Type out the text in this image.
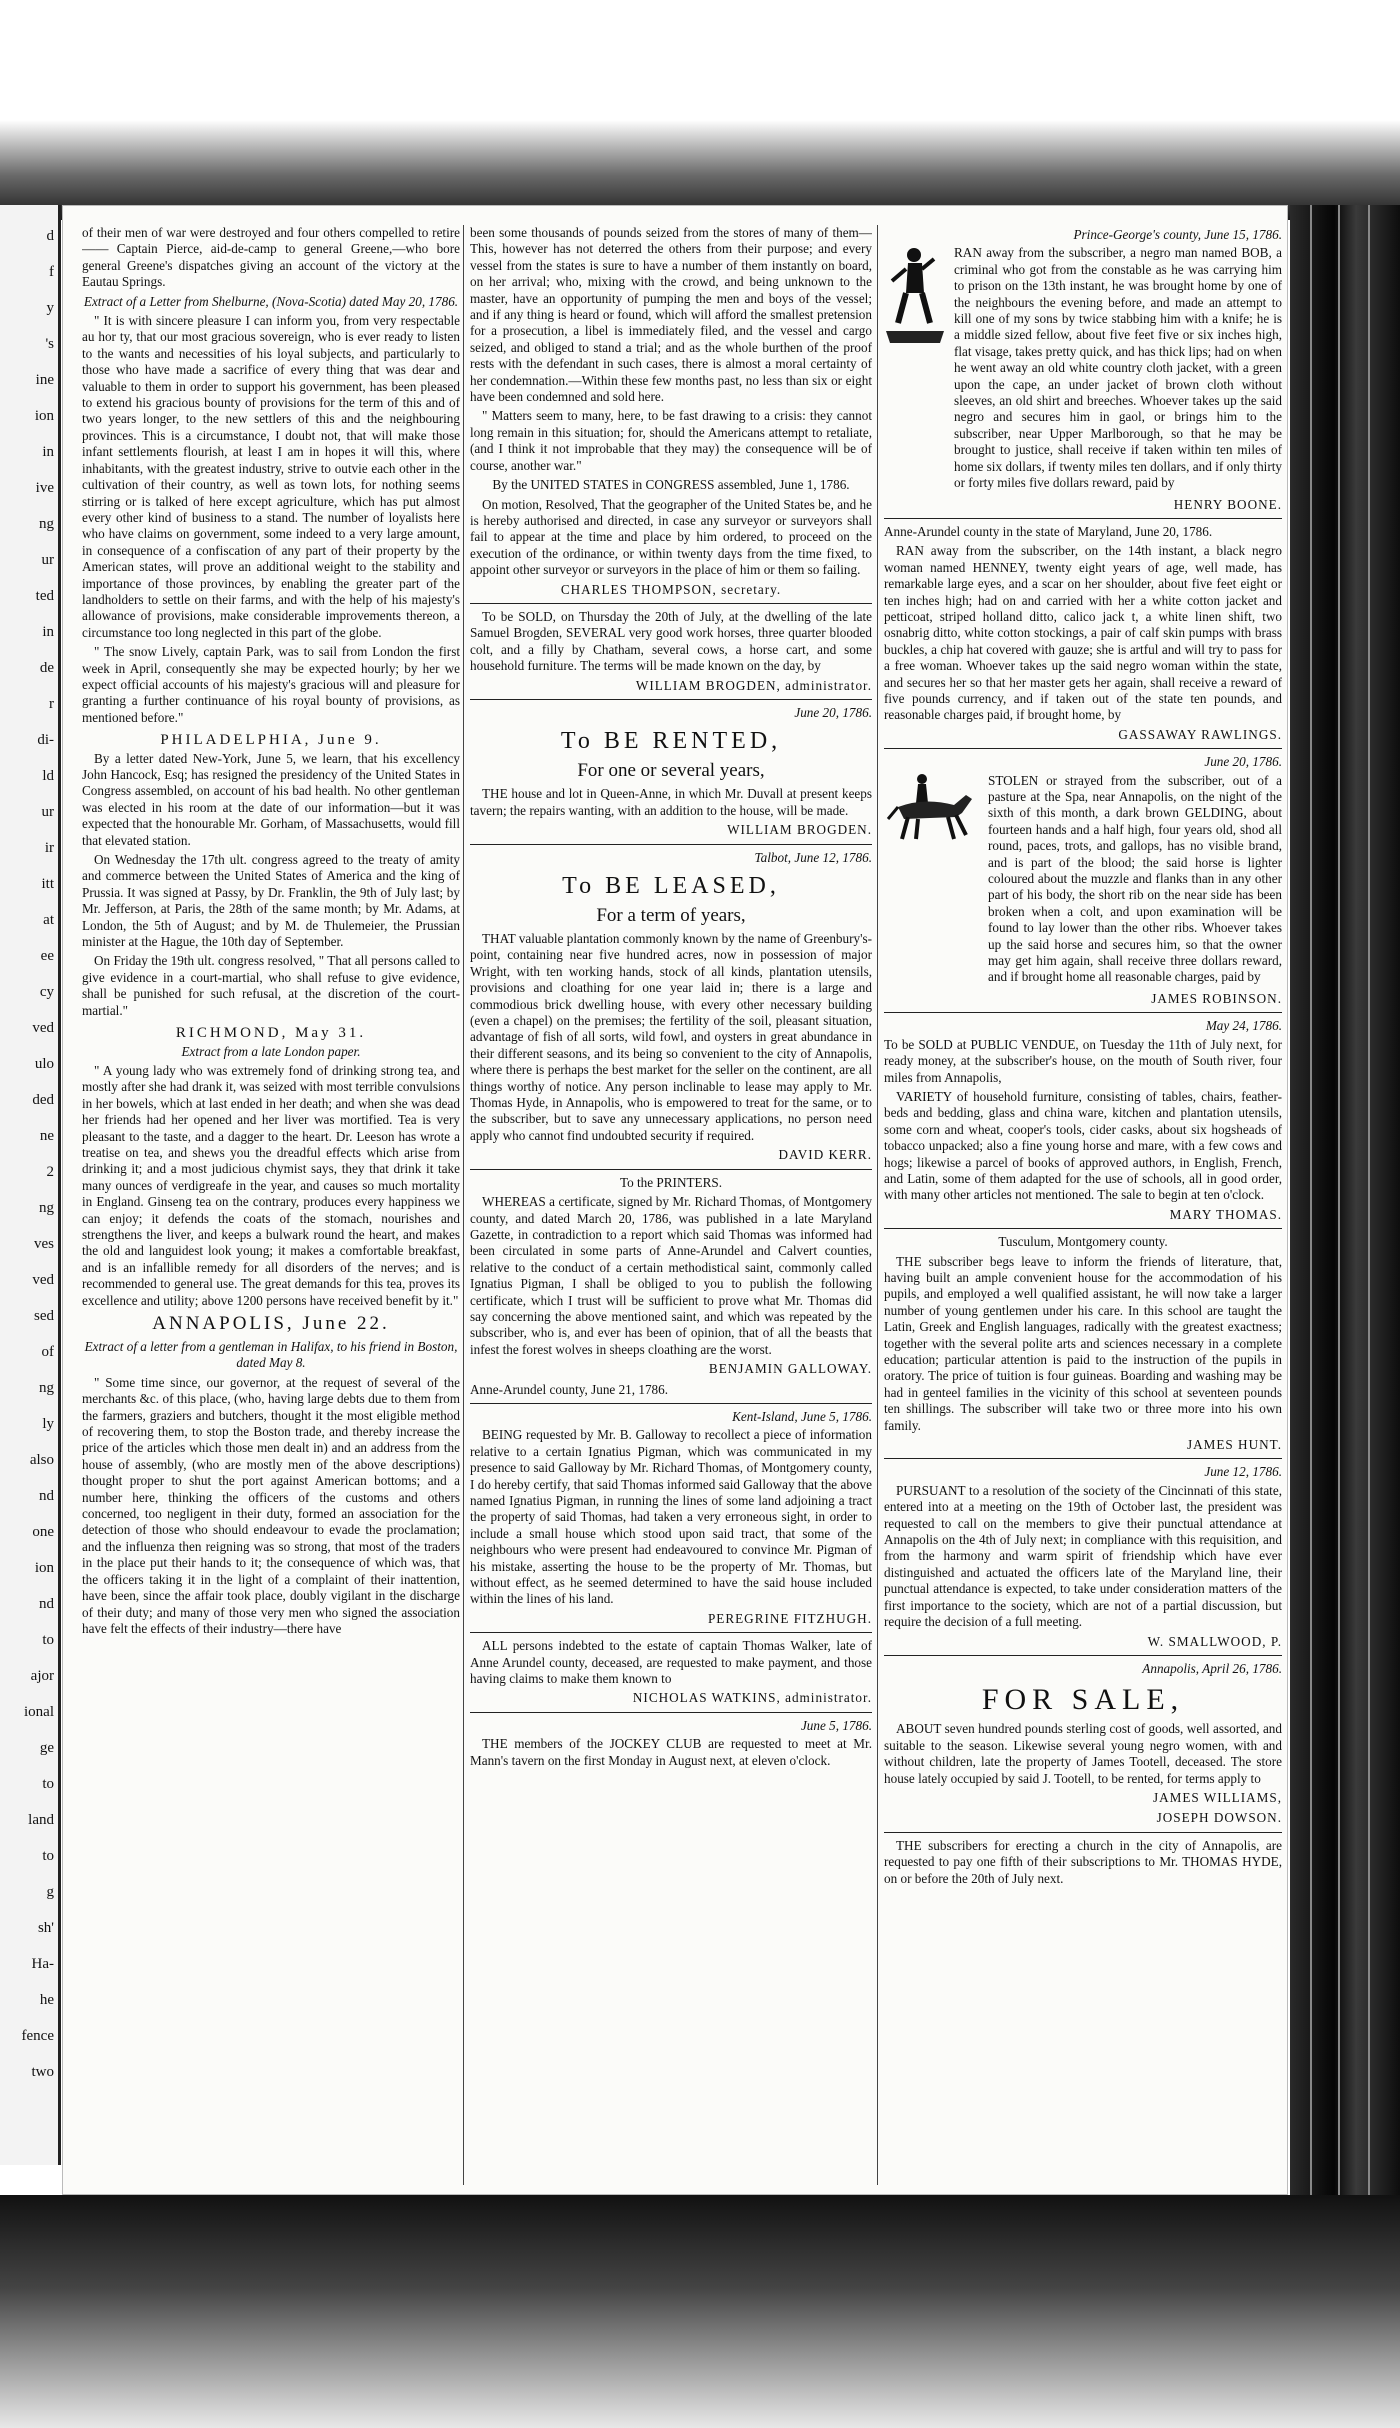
d
f
y
's
ine
ion
in
ive
ng
ur
ted
in
de
r
di-
ld
ur
ir
itt
at
ee
cy
ved
ulo
ded
ne
2
ng
ves
ved
sed
of
ng
ly
also
nd
one
ion
nd
to
ajor
ional
ge
to
land
to
g
sh'
Ha-
he
fence
two

of their men of war were destroyed and four others compelled to retire —— Captain Pierce, aid-de-camp to general Greene,—who bore general Greene's dispatches giving an account of the victory at the Eautau Springs.

Extract of a Letter from Shelburne, (Nova-Scotia) dated May 20, 1786.

" It is with sincere pleasure I can inform you, from very respectable au hor ty, that our most gracious sovereign, who is ever ready to listen to the wants and necessities of his loyal subjects, and particularly to those who have made a sacrifice of every thing that was dear and valuable to them in order to support his government, has been pleased to extend his gracious bounty of provisions for the term of this and of two years longer, to the new settlers of this and the neighbouring provinces. This is a circumstance, I doubt not, that will make those infant settlements flourish, at least I am in hopes it will this, where inhabitants, with the greatest industry, strive to outvie each other in the cultivation of their country, as well as town lots, for nothing seems stirring or is talked of here except agriculture, which has put almost every other kind of business to a stand. The number of loyalists here who have claims on government, some indeed to a very large amount, in consequence of a confiscation of any part of their property by the American states, will prove an additional weight to the stability and importance of those provinces, by enabling the greater part of the landholders to settle on their farms, and with the help of his majesty's allowance of provisions, make considerable improvements thereon, a circumstance too long neglected in this part of the globe.

" The snow Lively, captain Park, was to sail from London the first week in April, consequently she may be expected hourly; by her we expect official accounts of his majesty's gracious will and pleasure for granting a further continuance of his royal bounty of provisions, as mentioned before."

PHILADELPHIA, June 9.

By a letter dated New-York, June 5, we learn, that his excellency John Hancock, Esq; has resigned the presidency of the United States in Congress assembled, on account of his bad health. No other gentleman was elected in his room at the date of our information—but it was expected that the honourable Mr. Gorham, of Massachusetts, would fill that elevated station.

On Wednesday the 17th ult. congress agreed to the treaty of amity and commerce between the United States of America and the king of Prussia. It was signed at Passy, by Dr. Franklin, the 9th of July last; by Mr. Jefferson, at Paris, the 28th of the same month; by Mr. Adams, at London, the 5th of August; and by M. de Thulemeier, the Prussian minister at the Hague, the 10th day of September.

On Friday the 19th ult. congress resolved, " That all persons called to give evidence in a court-martial, who shall refuse to give evidence, shall be punished for such refusal, at the discretion of the court-martial."

RICHMOND, May 31.

Extract from a late London paper.

" A young lady who was extremely fond of drinking strong tea, and mostly after she had drank it, was seized with most terrible convulsions in her bowels, which at last ended in her death; and when she was dead her friends had her opened and her liver was mortified. Tea is very pleasant to the taste, and a dagger to the heart. Dr. Leeson has wrote a treatise on tea, and shews you the dreadful effects which arise from drinking it; and a most judicious chymist says, they that drink it take many ounces of verdigreafe in the year, and causes so much mortality in England. Ginseng tea on the contrary, produces every happiness we can enjoy; it defends the coats of the stomach, nourishes and strengthens the liver, and keeps a bulwark round the heart, and makes the old and languidest look young; it makes a comfortable breakfast, and is an infallible remedy for all disorders of the nerves; and is recommended to general use. The great demands for this tea, proves its excellence and utility; above 1200 persons have received benefit by it."

ANNAPOLIS, June 22.

Extract of a letter from a gentleman in Halifax, to his friend in Boston, dated May 8.

" Some time since, our governor, at the request of several of the merchants &c. of this place, (who, having large debts due to them from the farmers, graziers and butchers, thought it the most eligible method of recovering them, to stop the Boston trade, and thereby increase the price of the articles which those men dealt in) and an address from the house of assembly, (who are mostly men of the above descriptions) thought proper to shut the port against American bottoms; and a number here, thinking the officers of the customs and others concerned, too negligent in their duty, formed an association for the detection of those who should endeavour to evade the proclamation; and the influenza then reigning was so strong, that most of the traders in the place put their hands to it; the consequence of which was, that the officers taking it in the light of a complaint of their inattention, have been, since the affair took place, doubly vigilant in the discharge of their duty; and many of those very men who signed the association have felt the effects of their industry—there have

been some thousands of pounds seized from the stores of many of them—This, however has not deterred the others from their purpose; and every vessel from the states is sure to have a number of them instantly on board, on her arrival; who, mixing with the crowd, and being unknown to the master, have an opportunity of pumping the men and boys of the vessel; and if any thing is heard or found, which will afford the smallest pretension for a prosecution, a libel is immediately filed, and the vessel and cargo seized, and obliged to stand a trial; and as the whole burthen of the proof rests with the defendant in such cases, there is almost a moral certainty of her condemnation.—Within these few months past, no less than six or eight have been condemned and sold here.

" Matters seem to many, here, to be fast drawing to a crisis: they cannot long remain in this situation; for, should the Americans attempt to retaliate, (and I think it not improbable that they may) the consequence will be of course, another war."

By the UNITED STATES in CONGRESS assembled, June 1, 1786.

On motion, Resolved, That the geographer of the United States be, and he is hereby authorised and directed, in case any surveyor or surveyors shall fail to appear at the time and place by him ordered, to proceed on the execution of the ordinance, or within twenty days from the time fixed, to appoint other surveyor or surveyors in the place of him or them so failing.

CHARLES THOMPSON, secretary.

To be SOLD, on Thursday the 20th of July, at the dwelling of the late Samuel Brogden, SEVERAL very good work horses, three quarter blooded colt, and a filly by Chatham, several cows, a horse cart, and some household furniture. The terms will be made known on the day, by

WILLIAM BROGDEN, administrator.

June 20, 1786.

To BE RENTED,

For one or several years,

THE house and lot in Queen-Anne, in which Mr. Duvall at present keeps tavern; the repairs wanting, with an addition to the house, will be made.

WILLIAM BROGDEN.

Talbot, June 12, 1786.

To BE LEASED,

For a term of years,

THAT valuable plantation commonly known by the name of Greenbury's-point, containing near five hundred acres, now in possession of major Wright, with ten working hands, stock of all kinds, plantation utensils, provisions and cloathing for one year laid in; there is a large and commodious brick dwelling house, with every other necessary building (even a chapel) on the premises; the fertility of the soil, pleasant situation, advantage of fish of all sorts, wild fowl, and oysters in great abundance in their different seasons, and its being so convenient to the city of Annapolis, where there is perhaps the best market for the seller on the continent, are all things worthy of notice. Any person inclinable to lease may apply to Mr. Thomas Hyde, in Annapolis, who is empowered to treat for the same, or to the subscriber, but to save any unnecessary applications, no person need apply who cannot find undoubted security if required.

DAVID KERR.

To the PRINTERS.

WHEREAS a certificate, signed by Mr. Richard Thomas, of Montgomery county, and dated March 20, 1786, was published in a late Maryland Gazette, in contradiction to a report which said Thomas was informed had been circulated in some parts of Anne-Arundel and Calvert counties, relative to the conduct of a certain methodistical saint, commonly called Ignatius Pigman, I shall be obliged to you to publish the following certificate, which I trust will be sufficient to prove what Mr. Thomas did say concerning the above mentioned saint, and which was repeated by the subscriber, who is, and ever has been of opinion, that of all the beasts that infest the forest wolves in sheeps cloathing are the worst.

BENJAMIN GALLOWAY.

Anne-Arundel county, June 21, 1786.

Kent-Island, June 5, 1786.

BEING requested by Mr. B. Galloway to recollect a piece of information relative to a certain Ignatius Pigman, which was communicated in my presence to said Galloway by Mr. Richard Thomas, of Montgomery county, I do hereby certify, that said Thomas informed said Galloway that the above named Ignatius Pigman, in running the lines of some land adjoining a tract the property of said Thomas, had taken a very erroneous sight, in order to include a small house which stood upon said tract, that some of the neighbours who were present had endeavoured to convince Mr. Pigman of his mistake, asserting the house to be the property of Mr. Thomas, but without effect, as he seemed determined to have the said house included within the lines of his land.

PEREGRINE FITZHUGH.

ALL persons indebted to the estate of captain Thomas Walker, late of Anne Arundel county, deceased, are requested to make payment, and those having claims to make them known to

NICHOLAS WATKINS, administrator.

June 5, 1786.

THE members of the JOCKEY CLUB are requested to meet at Mr. Mann's tavern on the first Monday in August next, at eleven o'clock.

Prince-George's county, June 15, 1786.

RAN away from the subscriber, a negro man named BOB, a criminal who got from the constable as he was carrying him to prison on the 13th instant, he was brought home by one of the neighbours the evening before, and made an attempt to kill one of my sons by twice stabbing him with a knife; he is a middle sized fellow, about five feet five or six inches high, flat visage, takes pretty quick, and has thick lips; had on when he went away an old white country cloth jacket, with a green upon the cape, an under jacket of brown cloth without sleeves, an old shirt and breeches. Whoever takes up the said negro and secures him in gaol, or brings him to the subscriber, near Upper Marlborough, so that he may be brought to justice, shall receive if taken within ten miles of home six dollars, if twenty miles ten dollars, and if only thirty or forty miles five dollars reward, paid by

HENRY BOONE.

Anne-Arundel county in the state of Maryland, June 20, 1786.

RAN away from the subscriber, on the 14th instant, a black negro woman named HENNEY, twenty eight years of age, well made, has remarkable large eyes, and a scar on her shoulder, about five feet eight or ten inches high; had on and carried with her a white cotton jacket and petticoat, striped holland ditto, calico jack t, a white linen shift, two osnabrig ditto, white cotton stockings, a pair of calf skin pumps with brass buckles, a chip hat covered with gauze; she is artful and will try to pass for a free woman. Whoever takes up the said negro woman within the state, and secures her so that her master gets her again, shall receive a reward of five pounds currency, and if taken out of the state ten pounds, and reasonable charges paid, if brought home, by

GASSAWAY RAWLINGS.

June 20, 1786.

STOLEN or strayed from the subscriber, out of a pasture at the Spa, near Annapolis, on the night of the sixth of this month, a dark brown GELDING, about fourteen hands and a half high, four years old, shod all round, paces, trots, and gallops, has no visible brand, and is part of the blood; the said horse is lighter coloured about the muzzle and flanks than in any other part of his body, the short rib on the near side has been broken when a colt, and upon examination will be found to lay lower than the other ribs. Whoever takes up the said horse and secures him, so that the owner may get him again, shall receive three dollars reward, and if brought home all reasonable charges, paid by

JAMES ROBINSON.

May 24, 1786.

To be SOLD at PUBLIC VENDUE, on Tuesday the 11th of July next, for ready money, at the subscriber's house, on the mouth of South river, four miles from Annapolis,

VARIETY of household furniture, consisting of tables, chairs, feather-beds and bedding, glass and china ware, kitchen and plantation utensils, some corn and wheat, cooper's tools, cider casks, about six hogsheads of tobacco unpacked; also a fine young horse and mare, with a few cows and hogs; likewise a parcel of books of approved authors, in English, French, and Latin, some of them adapted for the use of schools, all in good order, with many other articles not mentioned. The sale to begin at ten o'clock.

MARY THOMAS.

Tusculum, Montgomery county.

THE subscriber begs leave to inform the friends of literature, that, having built an ample convenient house for the accommodation of his pupils, and employed a well qualified assistant, he will now take a larger number of young gentlemen under his care. In this school are taught the Latin, Greek and English languages, radically with the greatest exactness; together with the several polite arts and sciences necessary in a complete education; particular attention is paid to the instruction of the pupils in oratory. The price of tuition is four guineas. Boarding and washing may be had in genteel families in the vicinity of this school at seventeen pounds ten shillings. The subscriber will take two or three more into his own family.

JAMES HUNT.

June 12, 1786.

PURSUANT to a resolution of the society of the Cincinnati of this state, entered into at a meeting on the 19th of October last, the president was requested to call on the members to give their punctual attendance at Annapolis on the 4th of July next; in compliance with this requisition, and from the harmony and warm spirit of friendship which have ever distinguished and actuated the officers late of the Maryland line, their punctual attendance is expected, to take under consideration matters of the first importance to the society, which are not of a partial discussion, but require the decision of a full meeting.

W. SMALLWOOD, P.

Annapolis, April 26, 1786.

FOR SALE,

ABOUT seven hundred pounds sterling cost of goods, well assorted, and suitable to the season. Likewise several young negro women, with and without children, late the property of James Tootell, deceased. The store house lately occupied by said J. Tootell, to be rented, for terms apply to

JAMES WILLIAMS,

JOSEPH DOWSON.

THE subscribers for erecting a church in the city of Annapolis, are requested to pay one fifth of their subscriptions to Mr. THOMAS HYDE, on or before the 20th of July next.
